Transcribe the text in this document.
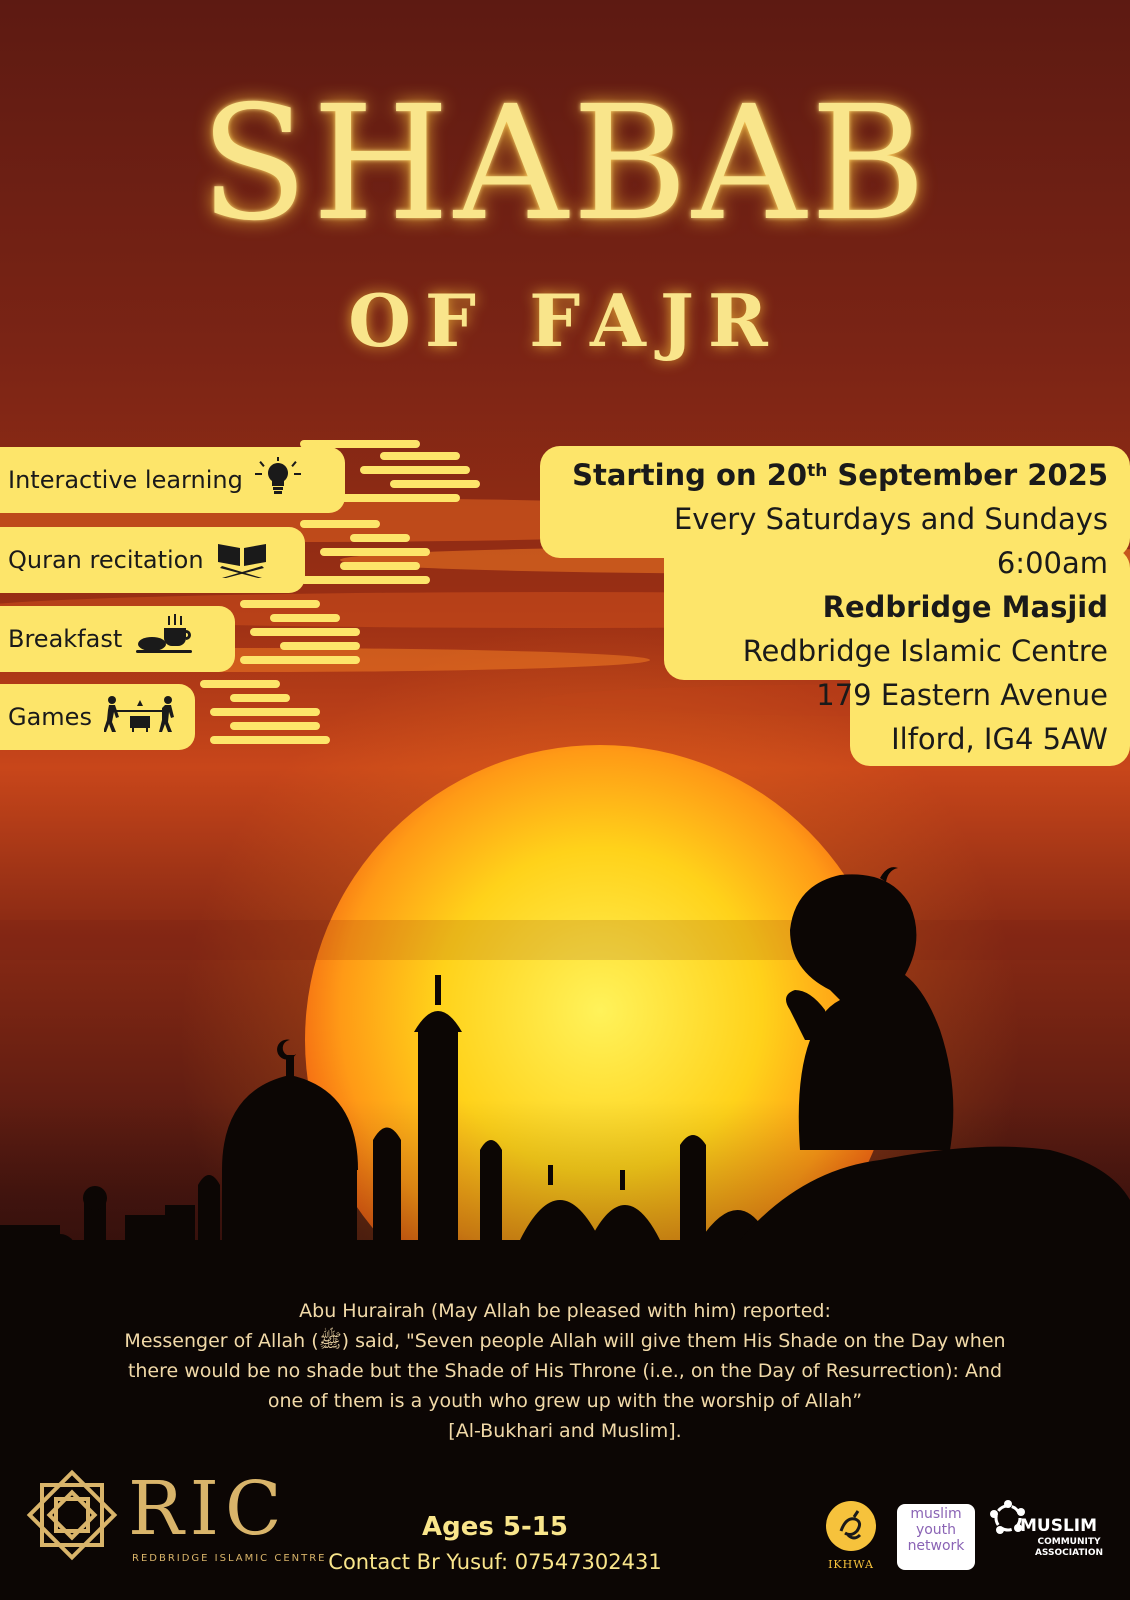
SHABAB
OF FAJR
Interactive learning
Quran recitation
Breakfast
Games
Starting on 20th September 2025
Every Saturdays and Sundays
6:00am
Redbridge Masjid
Redbridge Islamic Centre
179 Eastern Avenue
Ilford, IG4 5AW
Abu Hurairah (May Allah be pleased with him) reported:
Messenger of Allah (ﷺ) said, "Seven people Allah will give them His Shade on the Day when
there would be no shade but the Shade of His Throne (i.e., on the Day of Resurrection): And
one of them is a youth who grew up with the worship of Allah”
[Al-Bukhari and Muslim].
RIC
REDBRIDGE ISLAMIC CENTRE
Ages 5-15
Contact Br Yusuf: 07547302431	IKHWA
muslim
youth
network
MUSLIM
COMMUNITY
ASSOCIATION
